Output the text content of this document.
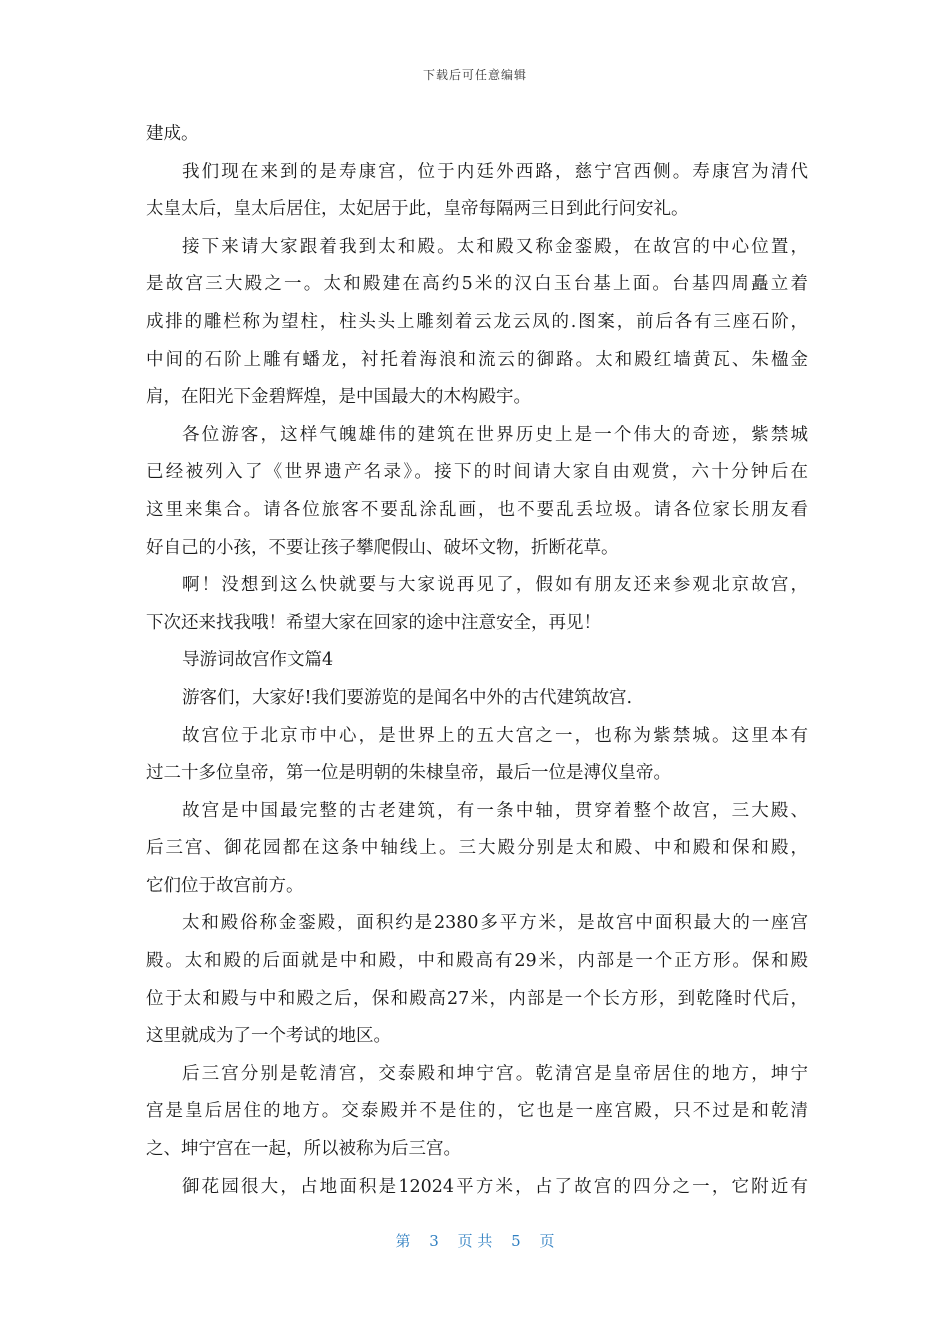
下载后可任意编辑
建成。
我们现在来到的是寿康宫，位于内廷外西路，慈宁宫西侧。寿康宫为清代
太皇太后，皇太后居住，太妃居于此，皇帝每隔两三日到此行问安礼。
接下来请大家跟着我到太和殿。太和殿又称金銮殿，在故宫的中心位置，
是故宫三大殿之一。太和殿建在高约5米的汉白玉台基上面。台基四周矗立着
成排的雕栏称为望柱，柱头头上雕刻着云龙云凤的.图案，前后各有三座石阶，
中间的石阶上雕有蟠龙，衬托着海浪和流云的御路。太和殿红墙黄瓦、朱楹金
肩，在阳光下金碧辉煌，是中国最大的木构殿宇。
各位游客，这样气魄雄伟的建筑在世界历史上是一个伟大的奇迹，紫禁城
已经被列入了《世界遗产名录》。接下的时间请大家自由观赏，六十分钟后在
这里来集合。请各位旅客不要乱涂乱画，也不要乱丢垃圾。请各位家长朋友看
好自己的小孩，不要让孩子攀爬假山、破坏文物，折断花草。
啊！没想到这么快就要与大家说再见了，假如有朋友还来参观北京故宫，
下次还来找我哦！希望大家在回家的途中注意安全，再见！
导游词故宫作文篇4
游客们，大家好!我们要游览的是闻名中外的古代建筑故宫.
故宫位于北京市中心，是世界上的五大宫之一，也称为紫禁城。这里本有
过二十多位皇帝，第一位是明朝的朱棣皇帝，最后一位是溥仪皇帝。
故宫是中国最完整的古老建筑，有一条中轴，贯穿着整个故宫，三大殿、
后三宫、御花园都在这条中轴线上。三大殿分别是太和殿、中和殿和保和殿，
它们位于故宫前方。
太和殿俗称金銮殿，面积约是2380多平方米，是故宫中面积最大的一座宫
殿。太和殿的后面就是中和殿，中和殿高有29米，内部是一个正方形。保和殿
位于太和殿与中和殿之后，保和殿高27米，内部是一个长方形，到乾隆时代后，
这里就成为了一个考试的地区。
后三宫分别是乾清宫，交泰殿和坤宁宫。乾清宫是皇帝居住的地方，坤宁
宫是皇后居住的地方。交泰殿并不是住的，它也是一座宫殿，只不过是和乾清
之、坤宁宫在一起，所以被称为后三宫。
御花园很大，占地面积是12024平方米，占了故宫的四分之一，它附近有
第 3 页 共 5 页
